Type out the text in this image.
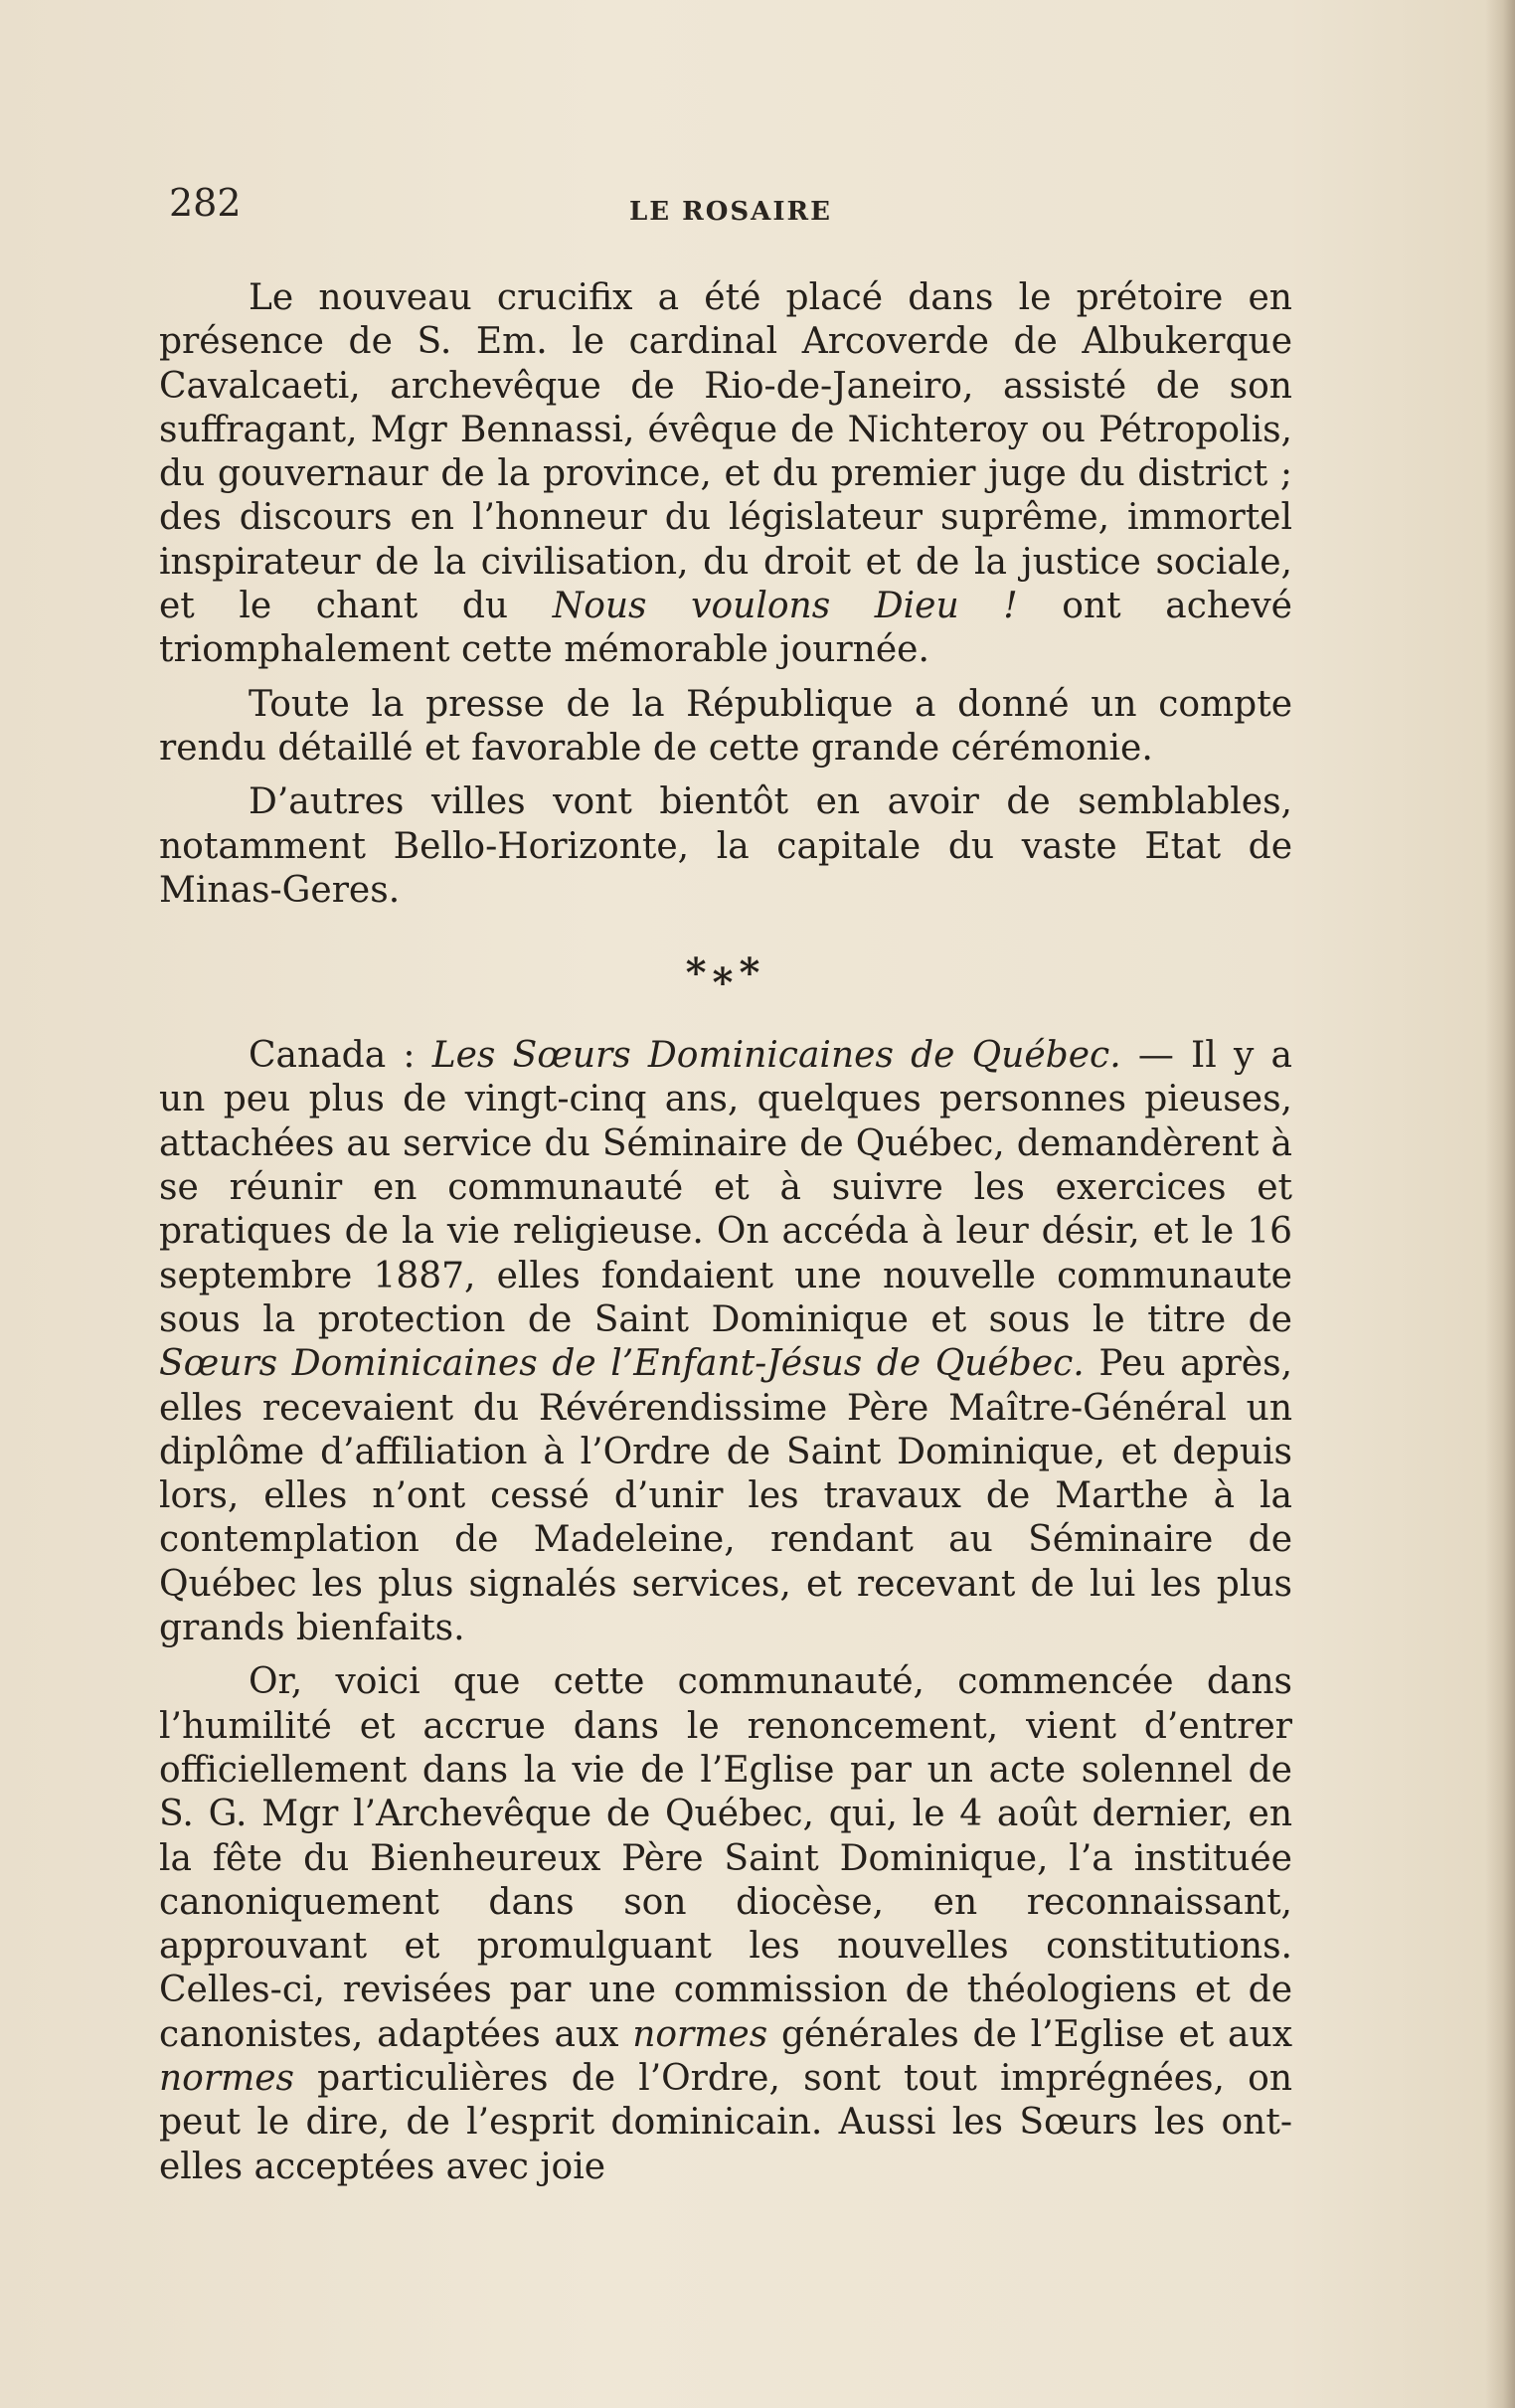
282	LE ROSAIRE

Le nouveau crucifix a été placé dans le prétoire en présence de S. Em. le cardinal Arcoverde de Albukerque Cavalcaeti, archevêque de Rio-de-Janeiro, assisté de son suffragant, Mgr Bennassi, évêque de Nichteroy ou Pétropolis, du gouvernaur de la province, et du premier juge du district ; des discours en l’honneur du législateur suprême, immortel inspirateur de la civilisation, du droit et de la justice sociale, et le chant du Nous voulons Dieu ! ont achevé triomphalement cette mémorable journée.

Toute la presse de la République a donné un compte rendu détaillé et favorable de cette grande cérémonie.

D’autres villes vont bientôt en avoir de semblables, notamment Bello-Horizonte, la capitale du vaste Etat de Minas-Geres.

* * *

Canada : Les Sœurs Dominicaines de Québec. — Il y a un peu plus de vingt-cinq ans, quelques personnes pieuses, attachées au service du Séminaire de Québec, demandèrent à se réunir en communauté et à suivre les exercices et pratiques de la vie religieuse. On accéda à leur désir, et le 16 septembre 1887, elles fondaient une nouvelle communaute sous la protection de Saint Dominique et sous le titre de Sœurs Dominicaines de l’Enfant-Jésus de Québec. Peu après, elles recevaient du Révérendissime Père Maître-Général un diplôme d’affiliation à l’Ordre de Saint Dominique, et depuis lors, elles n’ont cessé d’unir les travaux de Marthe à la contemplation de Madeleine, rendant au Séminaire de Québec les plus signalés services, et recevant de lui les plus grands bienfaits.

Or, voici que cette communauté, commencée dans l’humilité et accrue dans le renoncement, vient d’entrer officiellement dans la vie de l’Eglise par un acte solennel de S. G. Mgr l’Archevêque de Québec, qui, le 4 août dernier, en la fête du Bienheureux Père Saint Dominique, l’a instituée canoniquement dans son diocèse, en reconnaissant, approuvant et promulguant les nouvelles constitutions. Celles-ci, revisées par une commission de théologiens et de canonistes, adaptées aux normes générales de l’Eglise et aux normes particulières de l’Ordre, sont tout imprégnées, on peut le dire, de l’esprit dominicain. Aussi les Sœurs les ont-elles acceptées avec joie
